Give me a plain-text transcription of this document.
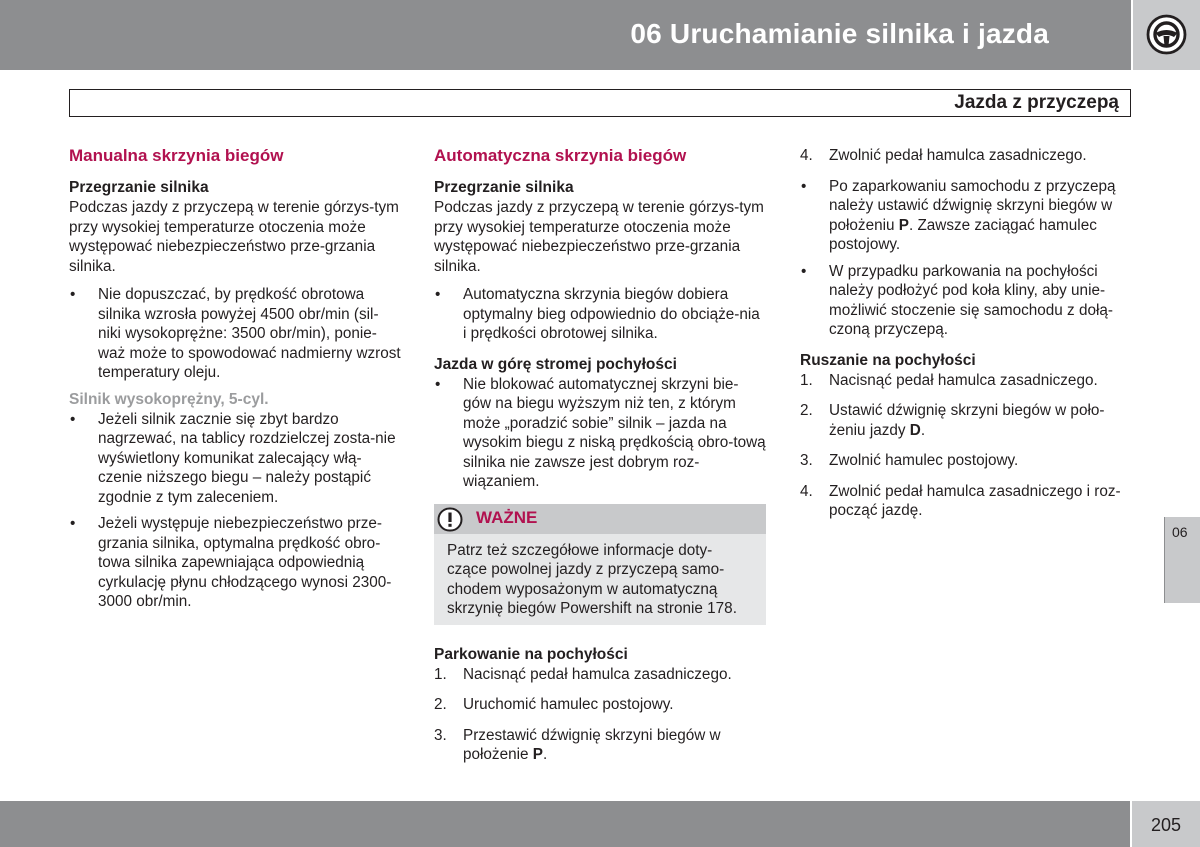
06 Uruchamianie silnika i jazda
Jazda z przyczepą
Manualna skrzynia biegów
Przegrzanie silnika
Podczas jazdy z przyczepą w terenie górzys-tym przy wysokiej temperaturze otoczenia może występować niebezpieczeństwo prze-grzania silnika.
• Nie dopuszczać, by prędkość obrotowa silnika wzrosła powyżej 4500 obr/min (sil-niki wysokoprężne: 3500 obr/min), ponie-waż może to spowodować nadmierny wzrost temperatury oleju.
Silnik wysokoprężny, 5-cyl.
• Jeżeli silnik zacznie się zbyt bardzo nagrzewać, na tablicy rozdzielczej zosta-nie wyświetlony komunikat zalecający włą-czenie niższego biegu – należy postąpić zgodnie z tym zaleceniem.
• Jeżeli występuje niebezpieczeństwo prze-grzania silnika, optymalna prędkość obro-towa silnika zapewniająca odpowiednią cyrkulację płynu chłodzącego wynosi 2300-3000 obr/min.
Automatyczna skrzynia biegów
Przegrzanie silnika
Podczas jazdy z przyczepą w terenie górzys-tym przy wysokiej temperaturze otoczenia może występować niebezpieczeństwo prze-grzania silnika.
• Automatyczna skrzynia biegów dobiera optymalny bieg odpowiednio do obciąże-nia i prędkości obrotowej silnika.
Jazda w górę stromej pochyłości
• Nie blokować automatycznej skrzyni bie-gów na biegu wyższym niż ten, z którym może „poradzić sobie” silnik – jazda na wysokim biegu z niską prędkością obro-tową silnika nie zawsze jest dobrym roz-wiązaniem.
WAŻNE
Patrz też szczegółowe informacje doty-czące powolnej jazdy z przyczepą samo-chodem wyposażonym w automatyczną skrzynię biegów Powershift na stronie 178.
Parkowanie na pochyłości
1. Nacisnąć pedał hamulca zasadniczego.
2. Uruchomić hamulec postojowy.
3. Przestawić dźwignię skrzyni biegów w położenie P.
4. Zwolnić pedał hamulca zasadniczego.
• Po zaparkowaniu samochodu z przyczepą należy ustawić dźwignię skrzyni biegów w położeniu P. Zawsze zaciągać hamulec postojowy.
• W przypadku parkowania na pochyłości należy podłożyć pod koła kliny, aby unie-możliwić stoczenie się samochodu z dołą-czoną przyczepą.
Ruszanie na pochyłości
1. Nacisnąć pedał hamulca zasadniczego.
2. Ustawić dźwignię skrzyni biegów w poło-żeniu jazdy D.
3. Zwolnić hamulec postojowy.
4. Zwolnić pedał hamulca zasadniczego i roz-począć jazdę.
06
205
